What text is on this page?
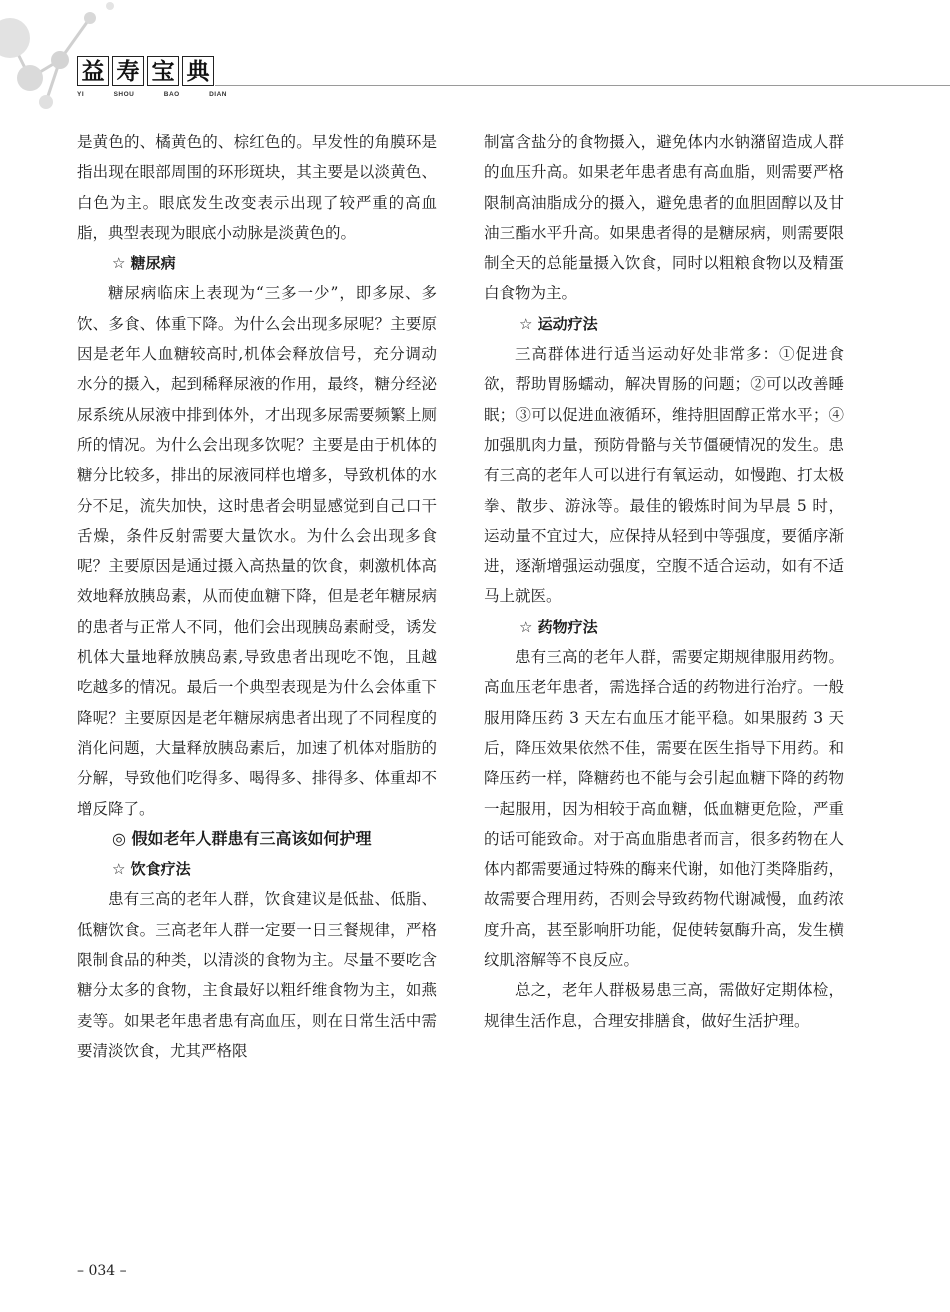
益 寿 宝 典
YI	SHOU	BAO	DIAN

是黄色的、橘黄色的、棕红色的。早发性的角膜环是指出现在眼部周围的环形斑块，其主要是以淡黄色、白色为主。眼底发生改变表示出现了较严重的高血脂，典型表现为眼底小动脉是淡黄色的。

☆ 糖尿病

糖尿病临床上表现为“三多一少”，即多尿、多饮、多食、体重下降。为什么会出现多尿呢？主要原因是老年人血糖较高时,机体会释放信号，充分调动水分的摄入，起到稀释尿液的作用，最终，糖分经泌尿系统从尿液中排到体外，才出现多尿需要频繁上厕所的情况。为什么会出现多饮呢？主要是由于机体的糖分比较多，排出的尿液同样也增多，导致机体的水分不足，流失加快，这时患者会明显感觉到自己口干舌燥，条件反射需要大量饮水。为什么会出现多食呢？主要原因是通过摄入高热量的饮食，刺激机体高效地释放胰岛素，从而使血糖下降，但是老年糖尿病的患者与正常人不同，他们会出现胰岛素耐受，诱发机体大量地释放胰岛素,导致患者出现吃不饱，且越吃越多的情况。最后一个典型表现是为什么会体重下降呢？主要原因是老年糖尿病患者出现了不同程度的消化问题，大量释放胰岛素后，加速了机体对脂肪的分解，导致他们吃得多、喝得多、排得多、体重却不增反降了。

◎ 假如老年人群患有三高该如何护理

☆ 饮食疗法

患有三高的老年人群，饮食建议是低盐、低脂、低糖饮食。三高老年人群一定要一日三餐规律，严格限制食品的种类，以清淡的食物为主。尽量不要吃含糖分太多的食物，主食最好以粗纤维食物为主，如燕麦等。如果老年患者患有高血压，则在日常生活中需要清淡饮食，尤其严格限

制富含盐分的食物摄入，避免体内水钠潴留造成人群的血压升高。如果老年患者患有高血脂，则需要严格限制高油脂成分的摄入，避免患者的血胆固醇以及甘油三酯水平升高。如果患者得的是糖尿病，则需要限制全天的总能量摄入饮食，同时以粗粮食物以及精蛋白食物为主。

☆ 运动疗法

三高群体进行适当运动好处非常多：①促进食欲，帮助胃肠蠕动，解决胃肠的问题；②可以改善睡眠；③可以促进血液循环，维持胆固醇正常水平；④加强肌肉力量，预防骨骼与关节僵硬情况的发生。患有三高的老年人可以进行有氧运动，如慢跑、打太极拳、散步、游泳等。最佳的锻炼时间为早晨 5 时，运动量不宜过大，应保持从轻到中等强度，要循序渐进，逐渐增强运动强度，空腹不适合运动，如有不适马上就医。

☆ 药物疗法

患有三高的老年人群，需要定期规律服用药物。高血压老年患者，需选择合适的药物进行治疗。一般服用降压药 3 天左右血压才能平稳。如果服药 3 天后，降压效果依然不佳，需要在医生指导下用药。和降压药一样，降糖药也不能与会引起血糖下降的药物一起服用，因为相较于高血糖，低血糖更危险，严重的话可能致命。对于高血脂患者而言，很多药物在人体内都需要通过特殊的酶来代谢，如他汀类降脂药，故需要合理用药，否则会导致药物代谢减慢，血药浓度升高，甚至影响肝功能，促使转氨酶升高，发生横纹肌溶解等不良反应。

总之，老年人群极易患三高，需做好定期体检，规律生活作息，合理安排膳食，做好生活护理。

– 034 –
